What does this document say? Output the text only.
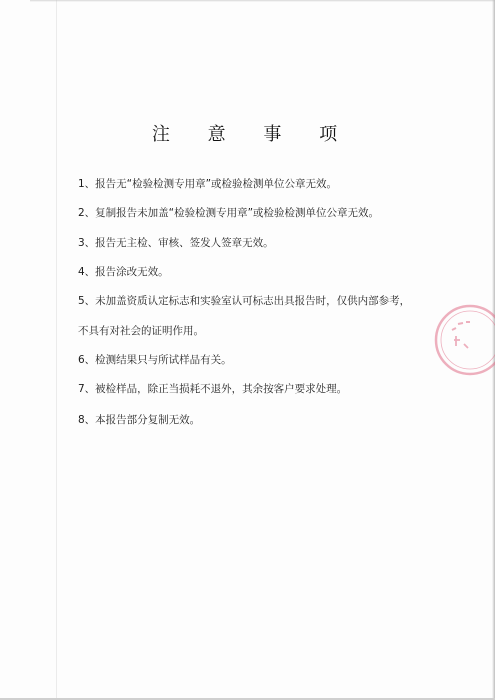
注 意 事 项
1、报告无“检验检测专用章”或检验检测单位公章无效。
2、复制报告未加盖“检验检测专用章”或检验检测单位公章无效。
3、报告无主检、审核、签发人签章无效。
4、报告涂改无效。
5、未加盖资质认定标志和实验室认可标志出具报告时，仅供内部参考，
不具有对社会的证明作用。
6、检测结果只与所试样品有关。
7、被检样品，除正当损耗不退外，其余按客户要求处理。
8、本报告部分复制无效。
